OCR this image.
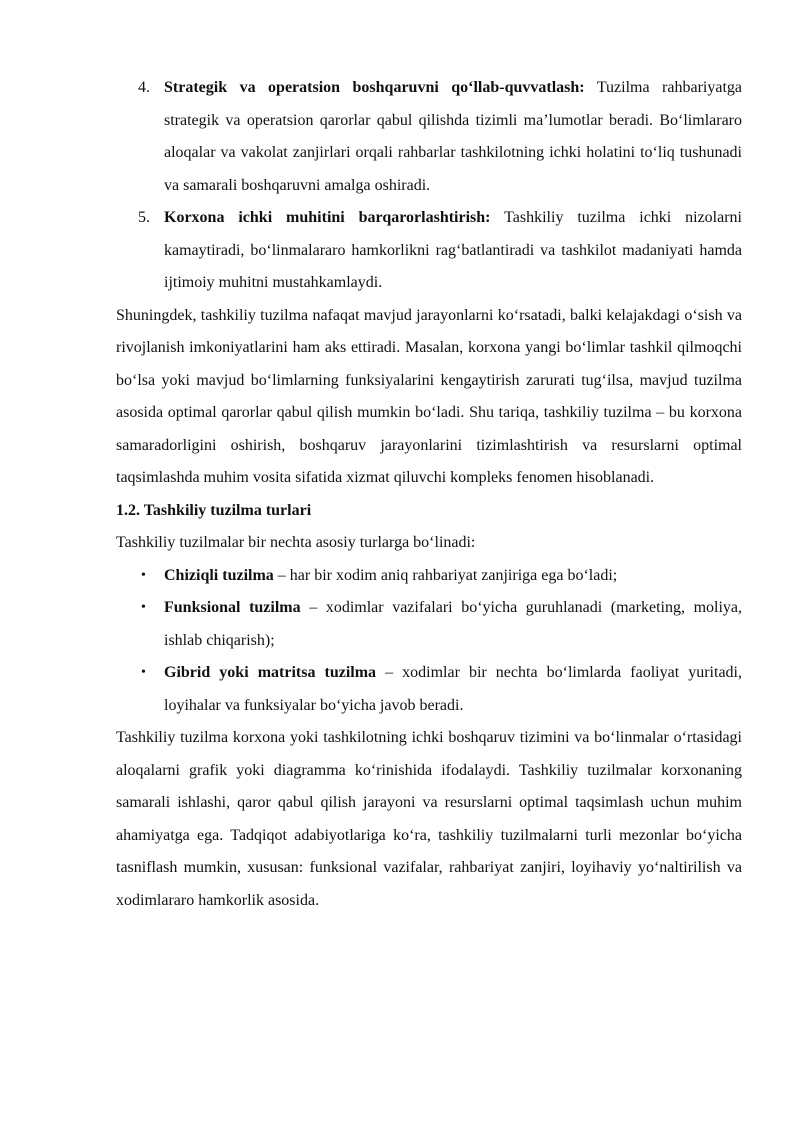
4. Strategik va operatsion boshqaruvni qo‘llab-quvvatlash: Tuzilma rahbariyatga strategik va operatsion qarorlar qabul qilishda tizimli ma’lumotlar beradi. Bo‘limlararo aloqalar va vakolat zanjirlari orqali rahbarlar tashkilotning ichki holatini to‘liq tushunadi va samarali boshqaruvni amalga oshiradi.
5. Korxona ichki muhitini barqarorlashtirish: Tashkiliy tuzilma ichki nizolarni kamaytiradi, bo‘linmalararo hamkorlikni rag‘batlantiradi va tashkilot madaniyati hamda ijtimoiy muhitni mustahkamlaydi.

Shuningdek, tashkiliy tuzilma nafaqat mavjud jarayonlarni ko‘rsatadi, balki kelajakdagi o‘sish va rivojlanish imkoniyatlarini ham aks ettiradi. Masalan, korxona yangi bo‘limlar tashkil qilmoqchi bo‘lsa yoki mavjud bo‘limlarning funksiyalarini kengaytirish zarurati tug‘ilsa, mavjud tuzilma asosida optimal qarorlar qabul qilish mumkin bo‘ladi. Shu tariqa, tashkiliy tuzilma – bu korxona samaradorligini oshirish, boshqaruv jarayonlarini tizimlashtirish va resurslarni optimal taqsimlashda muhim vosita sifatida xizmat qiluvchi kompleks fenomen hisoblanadi.

1.2. Tashkiliy tuzilma turlari

Tashkiliy tuzilmalar bir nechta asosiy turlarga bo‘linadi:

• Chiziqli tuzilma – har bir xodim aniq rahbariyat zanjiriga ega bo‘ladi;
• Funksional tuzilma – xodimlar vazifalari bo‘yicha guruhlanadi (marketing, moliya, ishlab chiqarish);
• Gibrid yoki matritsa tuzilma – xodimlar bir nechta bo‘limlarda faoliyat yuritadi, loyihalar va funksiyalar bo‘yicha javob beradi.

Tashkiliy tuzilma korxona yoki tashkilotning ichki boshqaruv tizimini va bo‘linmalar o‘rtasidagi aloqalarni grafik yoki diagramma ko‘rinishida ifodalaydi. Tashkiliy tuzilmalar korxonaning samarali ishlashi, qaror qabul qilish jarayoni va resurslarni optimal taqsimlash uchun muhim ahamiyatga ega. Tadqiqot adabiyotlariga ko‘ra, tashkiliy tuzilmalarni turli mezonlar bo‘yicha tasniflash mumkin, xususan: funksional vazifalar, rahbariyat zanjiri, loyihaviy yo‘naltirilish va xodimlararo hamkorlik asosida.
